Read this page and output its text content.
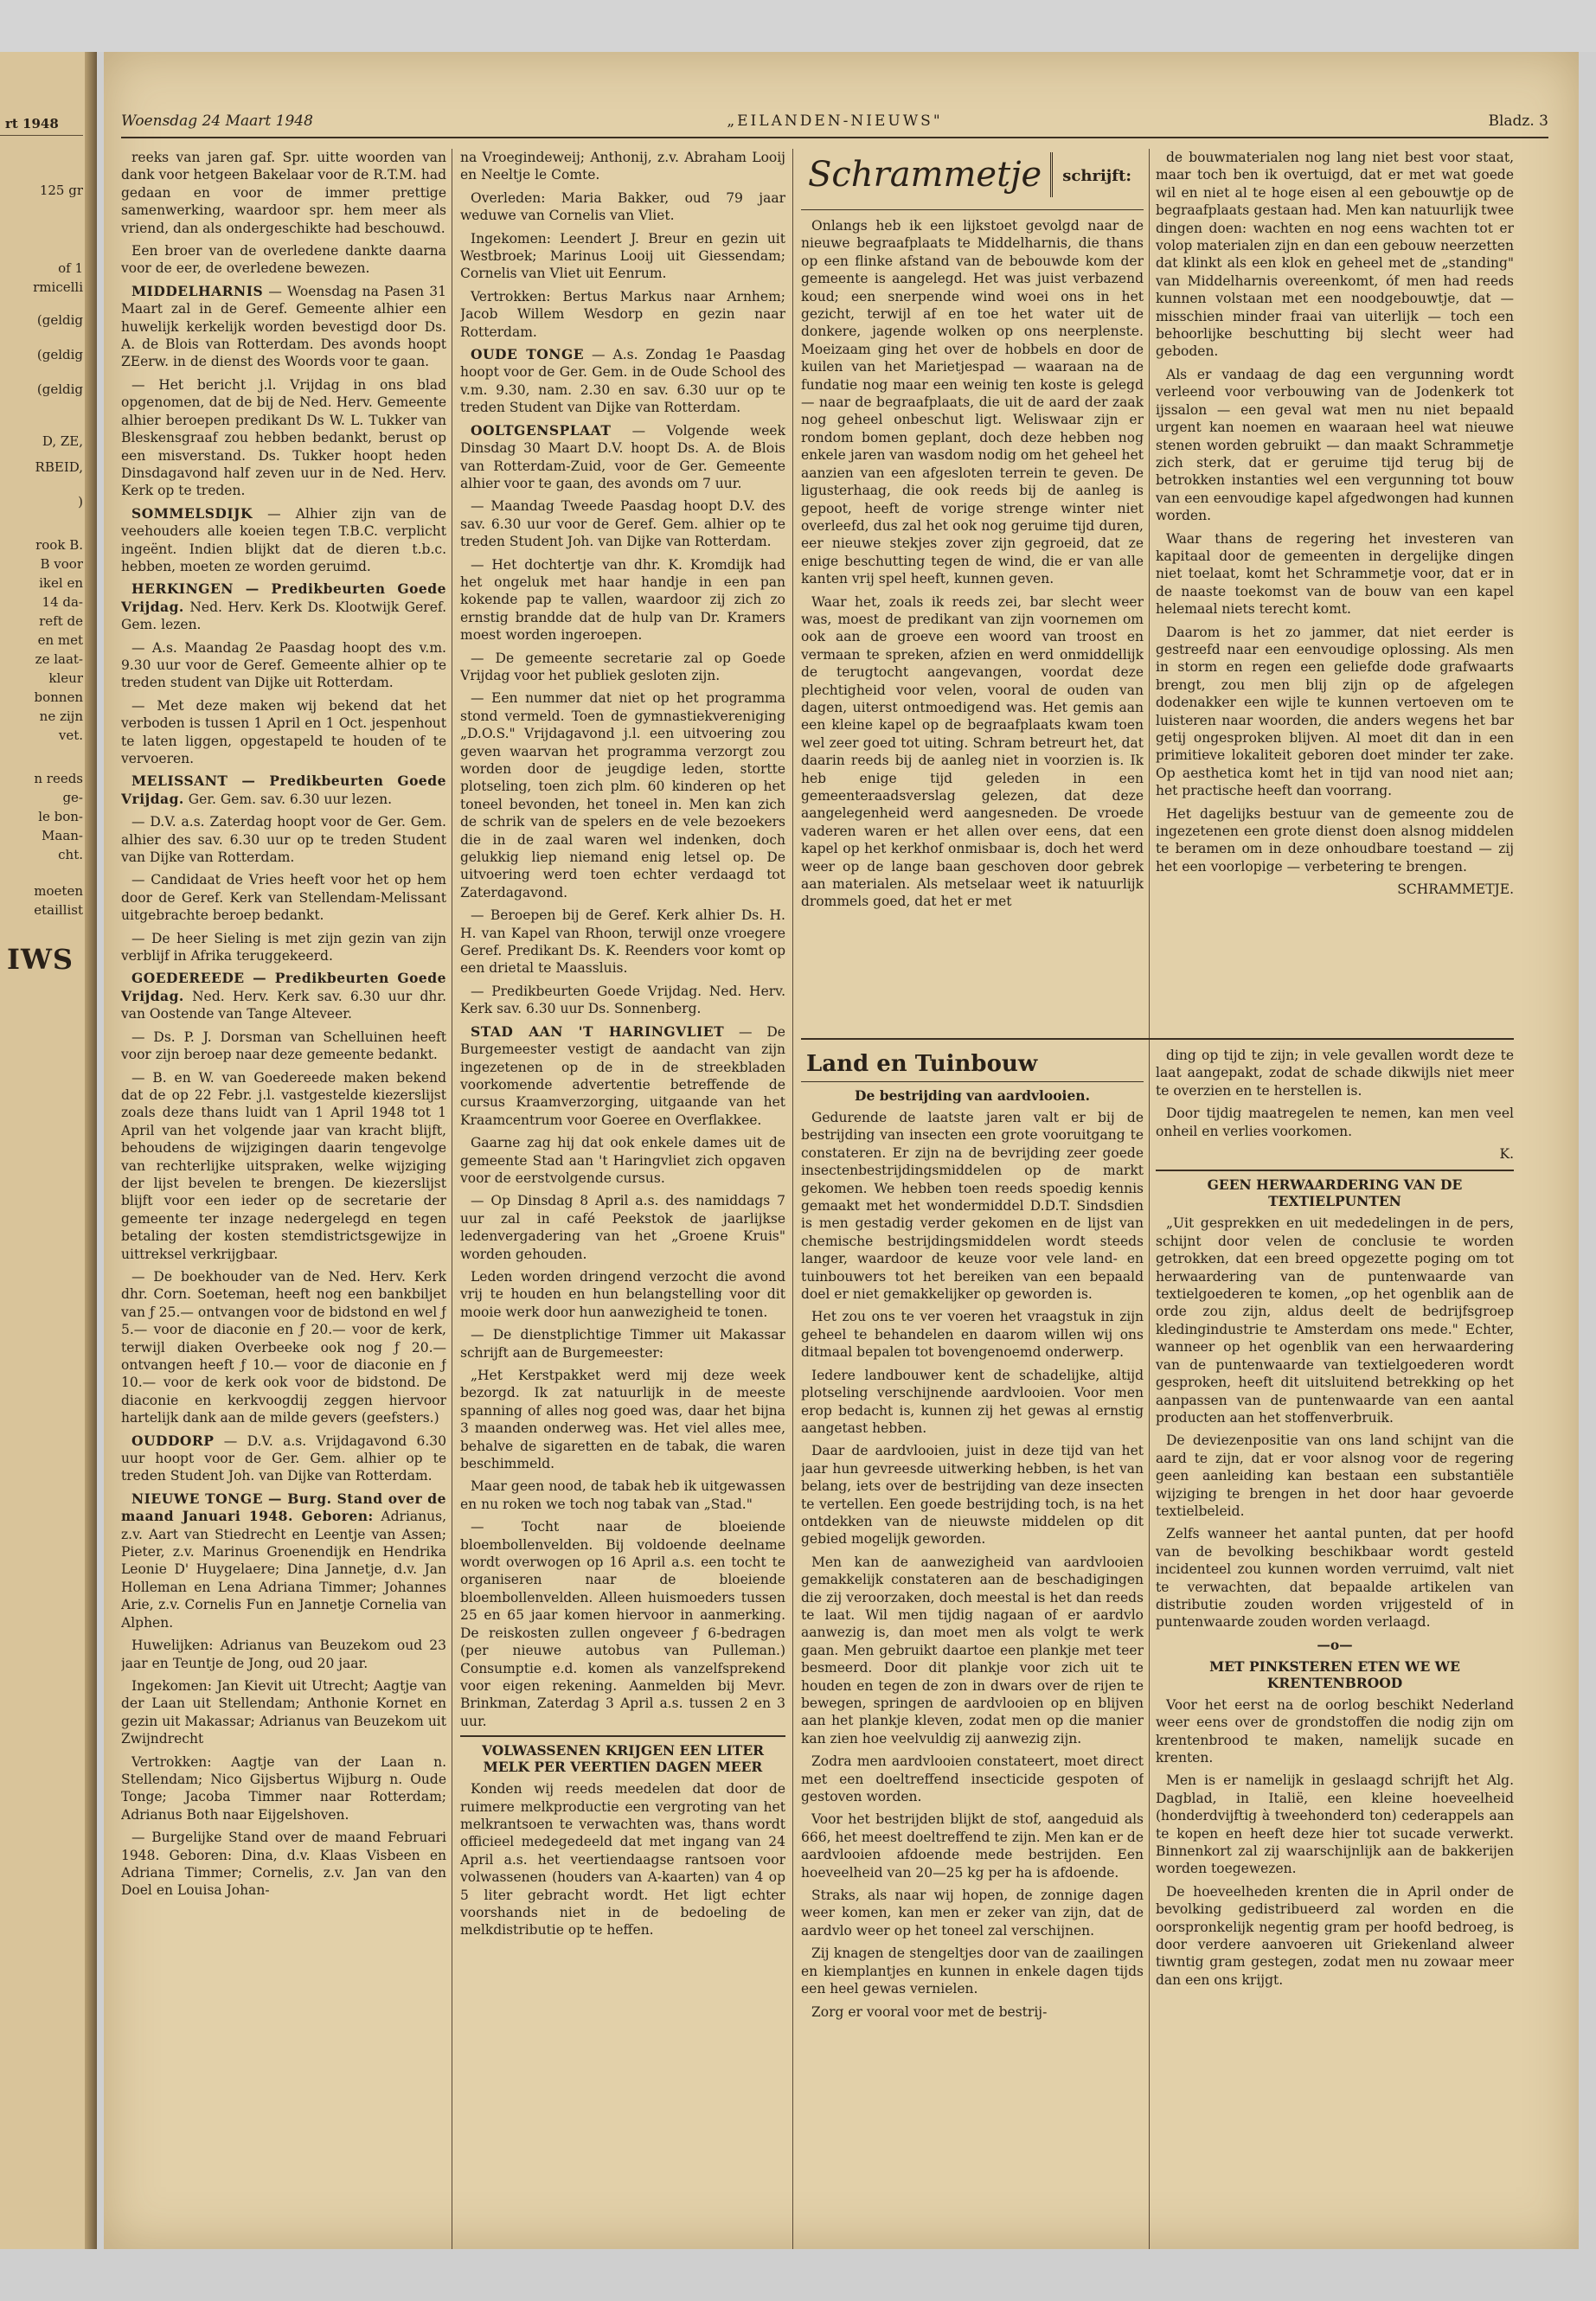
rt 1948
125 gr
of 1
rmicelli
(geldig
(geldig
(geldig
D, ZE,
RBEID,
)
rook B.
B voor
ikel en
14 da-
reft de
en met
ze laat-
kleur
bonnen
ne zijn
vet.
n reeds
ge-
le bon-
Maan-
cht.
moeten
etaillist
IWS
Woensdag 24 Maart 1948	„EILANDEN-NIEUWS"	Bladz. 3

reeks van jaren gaf. Spr. uitte woorden van dank voor hetgeen Bakelaar voor de R.T.M. had gedaan en voor de immer prettige samenwerking, waardoor spr. hem meer als vriend, dan als ondergeschikte had beschouwd.

Een broer van de overledene dankte daarna voor de eer, de overledene bewezen.

MIDDELHARNIS — Woensdag na Pasen 31 Maart zal in de Geref. Gemeente alhier een huwelijk kerkelijk worden bevestigd door Ds. A. de Blois van Rotterdam. Des avonds hoopt ZEerw. in de dienst des Woords voor te gaan.

— Het bericht j.l. Vrijdag in ons blad opgenomen, dat de bij de Ned. Herv. Gemeente alhier beroepen predikant Ds W. L. Tukker van Bleskensgraaf zou hebben bedankt, berust op een misverstand. Ds. Tukker hoopt heden Dinsdagavond half zeven uur in de Ned. Herv. Kerk op te treden.

SOMMELSDIJK — Alhier zijn van de veehouders alle koeien tegen T.B.C. verplicht ingeënt. Indien blijkt dat de dieren t.b.c. hebben, moeten ze worden geruimd.

HERKINGEN — Predikbeurten Goede Vrijdag. Ned. Herv. Kerk Ds. Klootwijk Geref. Gem. lezen.

— A.s. Maandag 2e Paasdag hoopt des v.m. 9.30 uur voor de Geref. Gemeente alhier op te treden student van Dijke uit Rotterdam.

— Met deze maken wij bekend dat het verboden is tussen 1 April en 1 Oct. jespenhout te laten liggen, opgestapeld te houden of te vervoeren.

MELISSANT — Predikbeurten Goede Vrijdag. Ger. Gem. sav. 6.30 uur lezen.

— D.V. a.s. Zaterdag hoopt voor de Ger. Gem. alhier des sav. 6.30 uur op te treden Student van Dijke van Rotterdam.

— Candidaat de Vries heeft voor het op hem door de Geref. Kerk van Stellendam-Melissant uitgebrachte beroep bedankt.

— De heer Sieling is met zijn gezin van zijn verblijf in Afrika teruggekeerd.

GOEDEREEDE — Predikbeurten Goede Vrijdag. Ned. Herv. Kerk sav. 6.30 uur dhr. van Oostende van Tange Alteveer.

— Ds. P. J. Dorsman van Schelluinen heeft voor zijn beroep naar deze gemeente bedankt.

— B. en W. van Goedereede maken bekend dat de op 22 Febr. j.l. vastgestelde kiezerslijst zoals deze thans luidt van 1 April 1948 tot 1 April van het volgende jaar van kracht blijft, behoudens de wijzigingen daarin tengevolge van rechterlijke uitspraken, welke wijziging der lijst bevelen te brengen. De kiezerslijst blijft voor een ieder op de secretarie der gemeente ter inzage nedergelegd en tegen betaling der kosten stemdistrictsgewijze in uittreksel verkrijgbaar.

— De boekhouder van de Ned. Herv. Kerk dhr. Corn. Soeteman, heeft nog een bankbiljet van ƒ 25.— ontvangen voor de bidstond en wel ƒ 5.— voor de diaconie en ƒ 20.— voor de kerk, terwijl diaken Overbeeke ook nog ƒ 20.— ontvangen heeft ƒ 10.— voor de diaconie en ƒ 10.— voor de kerk ook voor de bidstond. De diaconie en kerkvoogdij zeggen hiervoor hartelijk dank aan de milde gevers (geefsters.)

OUDDORP — D.V. a.s. Vrijdagavond 6.30 uur hoopt voor de Ger. Gem. alhier op te treden Student Joh. van Dijke van Rotterdam.

NIEUWE TONGE — Burg. Stand over de maand Januari 1948. Geboren: Adrianus, z.v. Aart van Stiedrecht en Leentje van Assen; Pieter, z.v. Marinus Groenendijk en Hendrika Leonie D' Huygelaere; Dina Jannetje, d.v. Jan Holleman en Lena Adriana Timmer; Johannes Arie, z.v. Cornelis Fun en Jannetje Cornelia van Alphen.

Huwelijken: Adrianus van Beuzekom oud 23 jaar en Teuntje de Jong, oud 20 jaar.

Ingekomen: Jan Kievit uit Utrecht; Aagtje van der Laan uit Stellendam; Anthonie Kornet en gezin uit Makassar; Adrianus van Beuzekom uit Zwijndrecht

Vertrokken: Aagtje van der Laan n. Stellendam; Nico Gijsbertus Wijburg n. Oude Tonge; Jacoba Timmer naar Rotterdam; Adrianus Both naar Eijgelshoven.

— Burgelijke Stand over de maand Februari 1948. Geboren: Dina, d.v. Klaas Visbeen en Adriana Timmer; Cornelis, z.v. Jan van den Doel en Louisa Johan-

na Vroegindeweij; Anthonij, z.v. Abraham Looij en Neeltje le Comte.

Overleden: Maria Bakker, oud 79 jaar weduwe van Cornelis van Vliet.

Ingekomen: Leendert J. Breur en gezin uit Westbroek; Marinus Looij uit Giessendam; Cornelis van Vliet uit Eenrum.

Vertrokken: Bertus Markus naar Arnhem; Jacob Willem Wesdorp en gezin naar Rotterdam.

OUDE TONGE — A.s. Zondag 1e Paasdag hoopt voor de Ger. Gem. in de Oude School des v.m. 9.30, nam. 2.30 en sav. 6.30 uur op te treden Student van Dijke van Rotterdam.

OOLTGENSPLAAT — Volgende week Dinsdag 30 Maart D.V. hoopt Ds. A. de Blois van Rotterdam-Zuid, voor de Ger. Gemeente alhier voor te gaan, des avonds om 7 uur.

— Maandag Tweede Paasdag hoopt D.V. des sav. 6.30 uur voor de Geref. Gem. alhier op te treden Student Joh. van Dijke van Rotterdam.

— Het dochtertje van dhr. K. Kromdijk had het ongeluk met haar handje in een pan kokende pap te vallen, waardoor zij zich zo ernstig brandde dat de hulp van Dr. Kramers moest worden ingeroepen.

— De gemeente secretarie zal op Goede Vrijdag voor het publiek gesloten zijn.

— Een nummer dat niet op het programma stond vermeld. Toen de gymnastiekvereniging „D.O.S." Vrijdagavond j.l. een uitvoering zou geven waarvan het programma verzorgt zou worden door de jeugdige leden, stortte plotseling, toen zich plm. 60 kinderen op het toneel bevonden, het toneel in. Men kan zich de schrik van de spelers en de vele bezoekers die in de zaal waren wel indenken, doch gelukkig liep niemand enig letsel op. De uitvoering werd toen echter verdaagd tot Zaterdagavond.

— Beroepen bij de Geref. Kerk alhier Ds. H. H. van Kapel van Rhoon, terwijl onze vroegere Geref. Predikant Ds. K. Reenders voor komt op een drietal te Maassluis.

— Predikbeurten Goede Vrijdag. Ned. Herv. Kerk sav. 6.30 uur Ds. Sonnenberg.

STAD AAN 'T HARINGVLIET — De Burgemeester vestigt de aandacht van zijn ingezetenen op de in de streekbladen voorkomende advertentie betreffende de cursus Kraamverzorging, uitgaande van het Kraamcentrum voor Goeree en Overflakkee.

Gaarne zag hij dat ook enkele dames uit de gemeente Stad aan 't Haringvliet zich opgaven voor de eerstvolgende cursus.

— Op Dinsdag 8 April a.s. des namiddags 7 uur zal in café Peekstok de jaarlijkse ledenvergadering van het „Groene Kruis" worden gehouden.

Leden worden dringend verzocht die avond vrij te houden en hun belangstelling voor dit mooie werk door hun aanwezigheid te tonen.

— De dienstplichtige Timmer uit Makassar schrijft aan de Burgemeester:

„Het Kerstpakket werd mij deze week bezorgd. Ik zat natuurlijk in de meeste spanning of alles nog goed was, daar het bijna 3 maanden onderweg was. Het viel alles mee, behalve de sigaretten en de tabak, die waren beschimmeld.

Maar geen nood, de tabak heb ik uitgewassen en nu roken we toch nog tabak van „Stad."

— Tocht naar de bloeiende bloembollenvelden. Bij voldoende deelname wordt overwogen op 16 April a.s. een tocht te organiseren naar de bloeiende bloembollenvelden. Alleen huismoeders tussen 25 en 65 jaar komen hiervoor in aanmerking. De reiskosten zullen ongeveer ƒ 6-bedragen (per nieuwe autobus van Pulleman.) Consumptie e.d. komen als vanzelfsprekend voor eigen rekening. Aanmelden bij Mevr. Brinkman, Zaterdag 3 April a.s. tussen 2 en 3 uur.

VOLWASSENEN KRIJGEN EEN LITER MELK PER VEERTIEN DAGEN MEER

Konden wij reeds meedelen dat door de ruimere melkproductie een vergroting van het melkrantsoen te verwachten was, thans wordt officieel medegedeeld dat met ingang van 24 April a.s. het veertiendaagse rantsoen voor volwassenen (houders van A-kaarten) van 4 op 5 liter gebracht wordt. Het ligt echter voorshands niet in de bedoeling de melkdistributie op te heffen.

Schrammetje	schrijft:

Onlangs heb ik een lijkstoet gevolgd naar de nieuwe begraafplaats te Middelharnis, die thans op een flinke afstand van de bebouwde kom der gemeente is aangelegd. Het was juist verbazend koud; een snerpende wind woei ons in het gezicht, terwijl af en toe het water uit de donkere, jagende wolken op ons neerplenste. Moeizaam ging het over de hobbels en door de kuilen van het Marietjespad — waaraan na de fundatie nog maar een weinig ten koste is gelegd — naar de begraafplaats, die uit de aard der zaak nog geheel onbeschut ligt. Weliswaar zijn er rondom bomen geplant, doch deze hebben nog enkele jaren van wasdom nodig om het geheel het aanzien van een afgesloten terrein te geven. De ligusterhaag, die ook reeds bij de aanleg is gepoot, heeft de vorige strenge winter niet overleefd, dus zal het ook nog geruime tijd duren, eer nieuwe stekjes zover zijn gegroeid, dat ze enige beschutting tegen de wind, die er van alle kanten vrij spel heeft, kunnen geven.

Waar het, zoals ik reeds zei, bar slecht weer was, moest de predikant van zijn voornemen om ook aan de groeve een woord van troost en vermaan te spreken, afzien en werd onmiddellijk de terugtocht aangevangen, voordat deze plechtigheid voor velen, vooral de ouden van dagen, uiterst ontmoedigend was. Het gemis aan een kleine kapel op de begraafplaats kwam toen wel zeer goed tot uiting. Schram betreurt het, dat daarin reeds bij de aanleg niet in voorzien is. Ik heb enige tijd geleden in een gemeenteraadsverslag gelezen, dat deze aangelegenheid werd aangesneden. De vroede vaderen waren er het allen over eens, dat een kapel op het kerkhof onmisbaar is, doch het werd weer op de lange baan geschoven door gebrek aan materialen. Als metselaar weet ik natuurlijk drommels goed, dat het er met

de bouwmaterialen nog lang niet best voor staat, maar toch ben ik overtuigd, dat er met wat goede wil en niet al te hoge eisen al een gebouwtje op de begraafplaats gestaan had. Men kan natuurlijk twee dingen doen: wachten en nog eens wachten tot er volop materialen zijn en dan een gebouw neerzetten dat klinkt als een klok en geheel met de „standing" van Middelharnis overeenkomt, óf men had reeds kunnen volstaan met een noodgebouwtje, dat — misschien minder fraai van uiterlijk — toch een behoorlijke beschutting bij slecht weer had geboden.

Als er vandaag de dag een vergunning wordt verleend voor verbouwing van de Jodenkerk tot ijssalon — een geval wat men nu niet bepaald urgent kan noemen en waaraan heel wat nieuwe stenen worden gebruikt — dan maakt Schrammetje zich sterk, dat er geruime tijd terug bij de betrokken instanties wel een vergunning tot bouw van een eenvoudige kapel afgedwongen had kunnen worden.

Waar thans de regering het investeren van kapitaal door de gemeenten in dergelijke dingen niet toelaat, komt het Schrammetje voor, dat er in de naaste toekomst van de bouw van een kapel helemaal niets terecht komt.

Daarom is het zo jammer, dat niet eerder is gestreefd naar een eenvoudige oplossing. Als men in storm en regen een geliefde dode grafwaarts brengt, zou men blij zijn op de afgelegen dodenakker een wijle te kunnen vertoeven om te luisteren naar woorden, die anders wegens het bar getij ongesproken blijven. Al moet dit dan in een primitieve lokaliteit geboren doet minder ter zake. Op aesthetica komt het in tijd van nood niet aan; het practische heeft dan voorrang.

Het dagelijks bestuur van de gemeente zou de ingezetenen een grote dienst doen alsnog middelen te beramen om in deze onhoudbare toestand — zij het een voorlopige — verbetering te brengen.

SCHRAMMETJE.

Land en Tuinbouw
De bestrijding van aardvlooien.

Gedurende de laatste jaren valt er bij de bestrijding van insecten een grote vooruitgang te constateren. Er zijn na de bevrijding zeer goede insectenbestrijdingsmiddelen op de markt gekomen. We hebben toen reeds spoedig kennis gemaakt met het wondermiddel D.D.T. Sindsdien is men gestadig verder gekomen en de lijst van chemische bestrijdingsmiddelen wordt steeds langer, waardoor de keuze voor vele land- en tuinbouwers tot het bereiken van een bepaald doel er niet gemakkelijker op geworden is.

Het zou ons te ver voeren het vraagstuk in zijn geheel te behandelen en daarom willen wij ons ditmaal bepalen tot bovengenoemd onderwerp.

Iedere landbouwer kent de schadelijke, altijd plotseling verschijnende aardvlooien. Voor men erop bedacht is, kunnen zij het gewas al ernstig aangetast hebben.

Daar de aardvlooien, juist in deze tijd van het jaar hun gevreesde uitwerking hebben, is het van belang, iets over de bestrijding van deze insecten te vertellen. Een goede bestrijding toch, is na het ontdekken van de nieuwste middelen op dit gebied mogelijk geworden.

Men kan de aanwezigheid van aardvlooien gemakkelijk constateren aan de beschadigingen die zij veroorzaken, doch meestal is het dan reeds te laat. Wil men tijdig nagaan of er aardvlo aanwezig is, dan moet men als volgt te werk gaan. Men gebruikt daartoe een plankje met teer besmeerd. Door dit plankje voor zich uit te houden en tegen de zon in dwars over de rijen te bewegen, springen de aardvlooien op en blijven aan het plankje kleven, zodat men op die manier kan zien hoe veelvuldig zij aanwezig zijn.

Zodra men aardvlooien constateert, moet direct met een doeltreffend insecticide gespoten of gestoven worden.

Voor het bestrijden blijkt de stof, aangeduid als 666, het meest doeltreffend te zijn. Men kan er de aardvlooien afdoende mede bestrijden. Een hoeveelheid van 20—25 kg per ha is afdoende.

Straks, als naar wij hopen, de zonnige dagen weer komen, kan men er zeker van zijn, dat de aardvlo weer op het toneel zal verschijnen.

Zij knagen de stengeltjes door van de zaailingen en kiemplantjes en kunnen in enkele dagen tijds een heel gewas vernielen.

Zorg er vooral voor met de bestrij-

ding op tijd te zijn; in vele gevallen wordt deze te laat aangepakt, zodat de schade dikwijls niet meer te overzien en te herstellen is.

Door tijdig maatregelen te nemen, kan men veel onheil en verlies voorkomen.

K.

GEEN HERWAARDERING VAN DE TEXTIELPUNTEN

„Uit gesprekken en uit mededelingen in de pers, schijnt door velen de conclusie te worden getrokken, dat een breed opgezette poging om tot herwaardering van de puntenwaarde van textielgoederen te komen, „op het ogenblik aan de orde zou zijn, aldus deelt de bedrijfsgroep kledingindustrie te Amsterdam ons mede." Echter, wanneer op het ogenblik van een herwaardering van de puntenwaarde van textielgoederen wordt gesproken, heeft dit uitsluitend betrekking op het aanpassen van de puntenwaarde van een aantal producten aan het stoffenverbruik.

De deviezenpositie van ons land schijnt van die aard te zijn, dat er voor alsnog voor de regering geen aanleiding kan bestaan een substantiële wijziging te brengen in het door haar gevoerde textielbeleid.

Zelfs wanneer het aantal punten, dat per hoofd van de bevolking beschikbaar wordt gesteld incidenteel zou kunnen worden verruimd, valt niet te verwachten, dat bepaalde artikelen van distributie zouden worden vrijgesteld of in puntenwaarde zouden worden verlaagd.

—o—
MET PINKSTEREN ETEN WE WE KRENTENBROOD

Voor het eerst na de oorlog beschikt Nederland weer eens over de grondstoffen die nodig zijn om krentenbrood te maken, namelijk sucade en krenten.

Men is er namelijk in geslaagd schrijft het Alg. Dagblad, in Italië, een kleine hoeveelheid (honderdvijftig à tweehonderd ton) cederappels aan te kopen en heeft deze hier tot sucade verwerkt. Binnenkort zal zij waarschijnlijk aan de bakkerijen worden toegewezen.

De hoeveelheden krenten die in April onder de bevolking gedistribueerd zal worden en die oorspronkelijk negentig gram per hoofd bedroeg, is door verdere aanvoeren uit Griekenland alweer tiwntig gram gestegen, zodat men nu zowaar meer dan een ons krijgt.
